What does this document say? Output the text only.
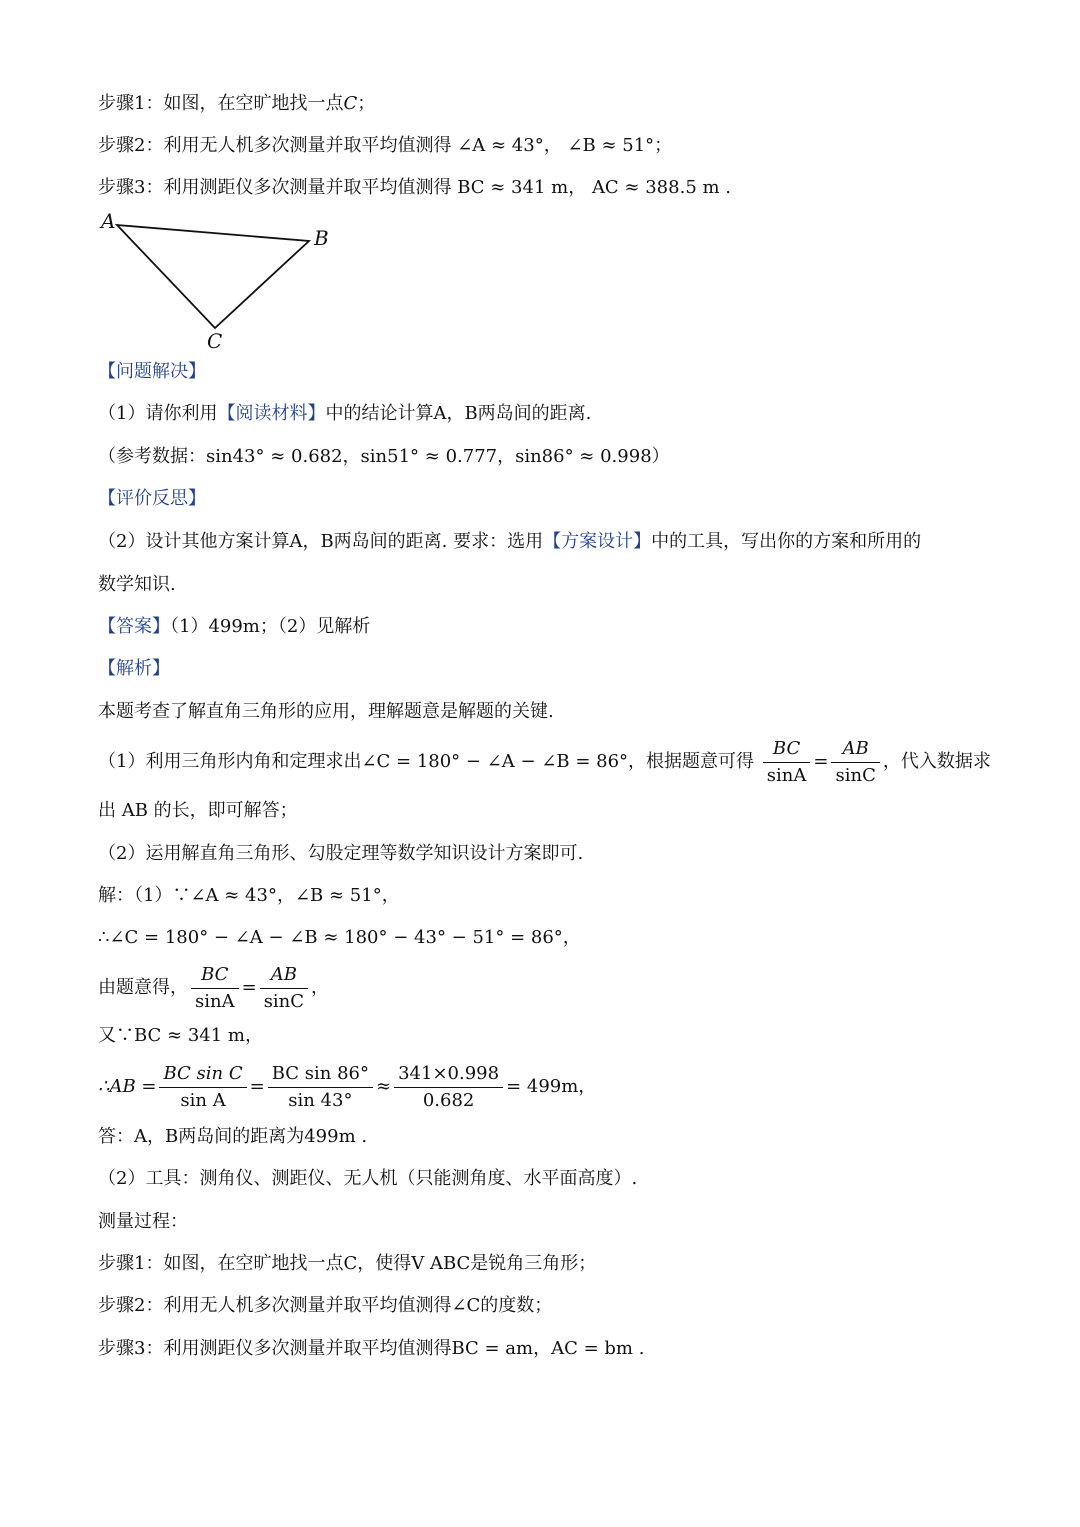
步骤1：如图，在空旷地找一点C；
步骤2：利用无人机多次测量并取平均值测得 ∠A ≈ 43°， ∠B ≈ 51°；
步骤3：利用测距仪多次测量并取平均值测得 BC ≈ 341 m， AC ≈ 388.5 m .
A
B
C
【问题解决】
（1）请你利用【阅读材料】中的结论计算A，B两岛间的距离.
（参考数据：sin43° ≈ 0.682，sin51° ≈ 0.777，sin86° ≈ 0.998）
【评价反思】
（2）设计其他方案计算A，B两岛间的距离. 要求：选用【方案设计】中的工具，写出你的方案和所用的
数学知识.
【答案】（1）499m；（2）见解析
【解析】
本题考查了解直角三角形的应用，理解题意是解题的关键.
（1）利用三角形内角和定理求出∠C = 180° − ∠A − ∠B = 86°，根据题意可得 $\frac{BC}{\sin A} = \frac{AB}{\sin C}$ ，代入数据求
出 AB 的长，即可解答；
（2）运用解直角三角形、勾股定理等数学知识设计方案即可.
解：（1）∵∠A ≈ 43°，∠B ≈ 51°，
∴∠C = 180° − ∠A − ∠B ≈ 180° − 43° − 51° = 86°，
由题意得， $\frac{BC}{\sin A} = \frac{AB}{\sin C}$ ，
又∵BC ≈ 341 m，
∴AB = $\frac{\text{BC sin C}}{\text{sin A}} = \frac{\text{BC sin 86°}}{\sin 43^\circ} \approx \frac{341\times 0.998}{0.682} = 499m$，
答：A，B两岛间的距离为499m .
（2）工具：测角仪、测距仪、无人机（只能测角度、水平面高度）.
测量过程：
步骤1：如图，在空旷地找一点C，使得V ABC是锐角三角形；
步骤2：利用无人机多次测量并取平均值测得∠C的度数；
步骤3：利用测距仪多次测量并取平均值测得BC = am，AC = bm .
